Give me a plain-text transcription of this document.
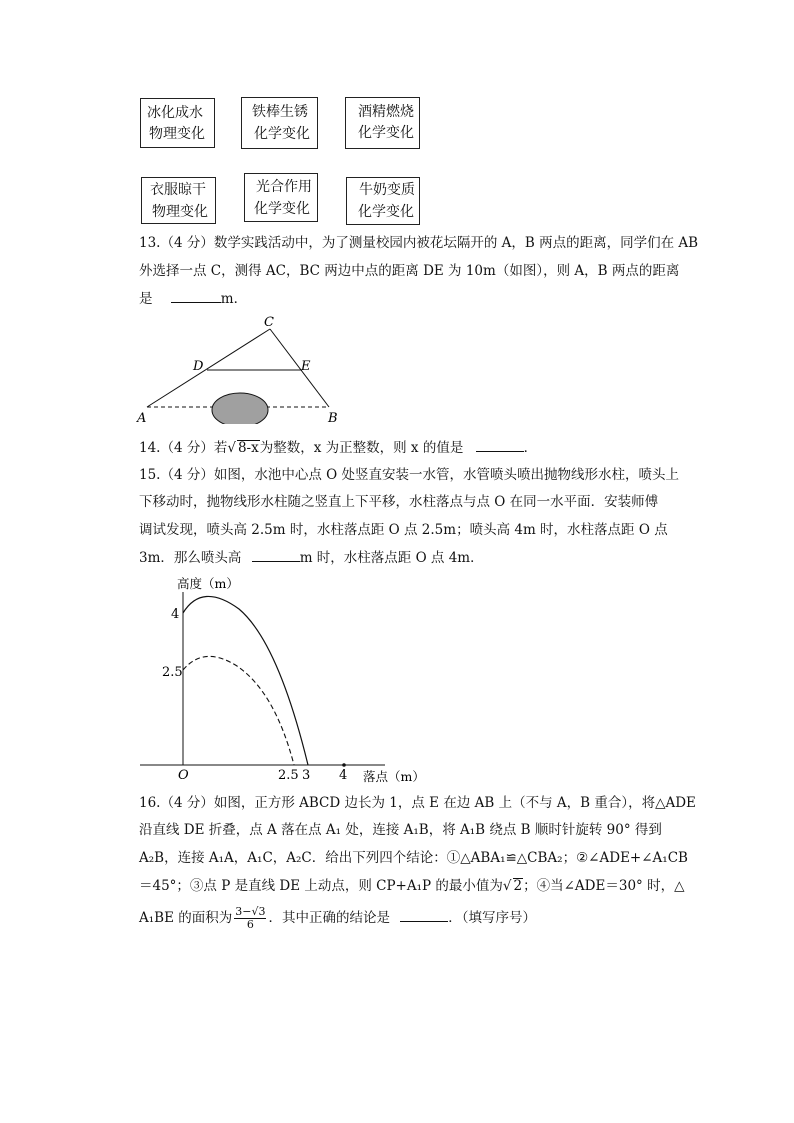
冰化成水
物理变化
铁棒生锈
化学变化
酒精燃烧
化学变化
衣服晾干
物理变化
光合作用
化学变化
牛奶变质
化学变化
13.（4 分）数学实践活动中，为了测量校园内被花坛隔开的 A，B 两点的距离，同学们在 AB
外选择一点 C，测得 AC，BC 两边中点的距离 DE 为 10m（如图），则 A，B 两点的距离
是	m．
C
D	E
A	B
14.（4 分）若√ 8-x为整数，x 为正整数，则 x 的值是	．
15.（4 分）如图，水池中心点 O 处竖直安装一水管，水管喷头喷出抛物线形水柱，喷头上
下移动时，抛物线形水柱随之竖直上下平移，水柱落点与点 O 在同一水平面．安装师傅
调试发现，喷头高 2.5m 时，水柱落点距 O 点 2.5m；喷头高 4m 时，水柱落点距 O 点
3m．那么喷头高	m 时，水柱落点距 O 点 4m．
高度（m）
4
2.5
O	2.5 3 4 落点（m）
16.（4 分）如图，正方形 ABCD 边长为 1，点 E 在边 AB 上（不与 A，B 重合），将△ADE
沿直线 DE 折叠，点 A 落在点 A₁ 处，连接 A₁B，将 A₁B 绕点 B 顺时针旋转 90° 得到
A₂B，连接 A₁A，A₁C，A₂C．给出下列四个结论：①△ABA₁≌△CBA₂；②∠ADE+∠A₁CB
＝45°；③点 P 是直线 DE 上动点，则 CP+A₁P 的最小值为√ 2；④当∠ADE＝30° 时，△
A₁BE 的面积为 $\frac{3-√3}{6}$ ．其中正确的结论是	．（填写序号）
